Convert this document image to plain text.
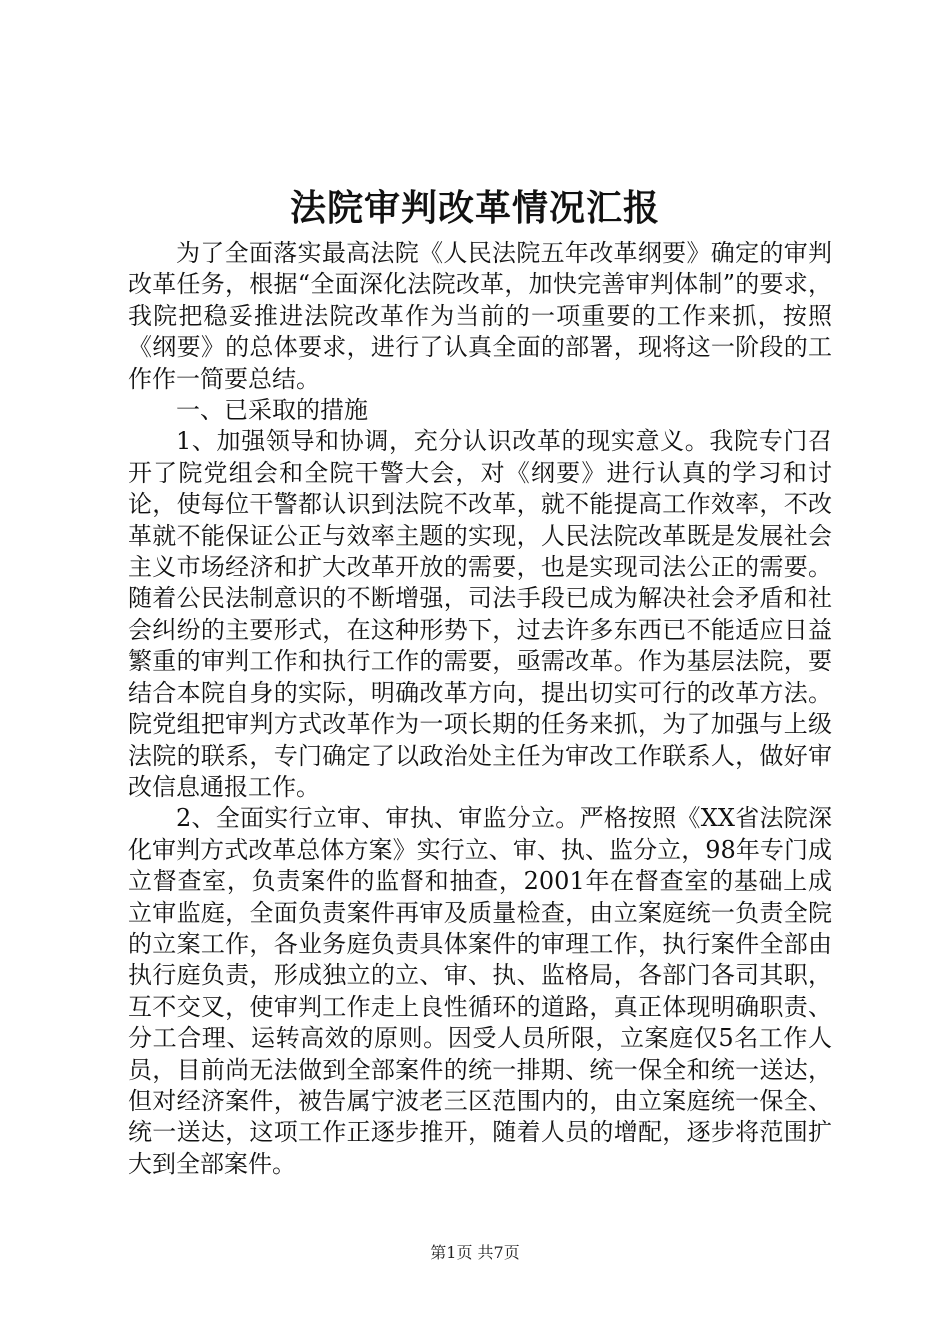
法院审判改革情况汇报

为了全面落实最高法院《人民法院五年改革纲要》确定的审判改革任务，根据“全面深化法院改革，加快完善审判体制”的要求，我院把稳妥推进法院改革作为当前的一项重要的工作来抓，按照《纲要》的总体要求，进行了认真全面的部署，现将这一阶段的工作作一简要总结。

一、已采取的措施

1、加强领导和协调，充分认识改革的现实意义。我院专门召开了院党组会和全院干警大会，对《纲要》进行认真的学习和讨论，使每位干警都认识到法院不改革，就不能提高工作效率，不改革就不能保证公正与效率主题的实现，人民法院改革既是发展社会主义市场经济和扩大改革开放的需要，也是实现司法公正的需要。随着公民法制意识的不断增强，司法手段已成为解决社会矛盾和社会纠纷的主要形式，在这种形势下，过去许多东西已不能适应日益繁重的审判工作和执行工作的需要，亟需改革。作为基层法院，要结合本院自身的实际，明确改革方向，提出切实可行的改革方法。院党组把审判方式改革作为一项长期的任务来抓，为了加强与上级法院的联系，专门确定了以政治处主任为审改工作联系人，做好审改信息通报工作。

2、全面实行立审、审执、审监分立。严格按照《XX省法院深化审判方式改革总体方案》实行立、审、执、监分立，98年专门成立督查室，负责案件的监督和抽查，2001年在督查室的基础上成立审监庭，全面负责案件再审及质量检查，由立案庭统一负责全院的立案工作，各业务庭负责具体案件的审理工作，执行案件全部由执行庭负责，形成独立的立、审、执、监格局，各部门各司其职，互不交叉，使审判工作走上良性循环的道路，真正体现明确职责、分工合理、运转高效的原则。因受人员所限，立案庭仅5名工作人员，目前尚无法做到全部案件的统一排期、统一保全和统一送达，但对经济案件，被告属宁波老三区范围内的，由立案庭统一保全、统一送达，这项工作正逐步推开，随着人员的增配，逐步将范围扩大到全部案件。

第1页 共7页
